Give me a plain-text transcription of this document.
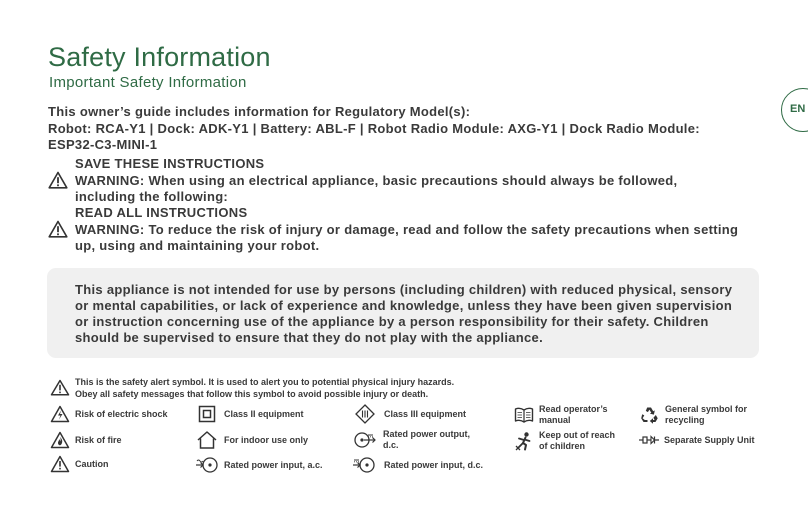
Safety Information
Important Safety Information
EN
This owner’s guide includes information for Regulatory Model(s):
Robot: RCA-Y1 | Dock: ADK-Y1 | Battery: ABL-F | Robot Radio Module: AXG-Y1 | Dock Radio Module:
ESP32-C3-MINI-1
SAVE THESE INSTRUCTIONS
WARNING: When using an electrical appliance, basic precautions should always be followed,
including the following:
READ ALL INSTRUCTIONS
WARNING: To reduce the risk of injury or damage, read and follow the safety precautions when setting
up, using and maintaining your robot.
This appliance is not intended for use by persons (including children) with reduced physical, sensory
or mental capabilities, or lack of experience and knowledge, unless they have been given supervision
or instruction concerning use of the appliance by a person responsibility for their safety. Children
should be supervised to ensure that they do not play with the appliance.
This is the safety alert symbol. It is used to alert you to potential physical injury hazards.
Obey all safety messages that follow this symbol to avoid possible injury or death.
Risk of electric shock
Risk of fire
Caution
Class II equipment
For indoor use only
Rated power input, a.c.
Class III equipment
Rated power output,
d.c.
Rated power input, d.c.
Read operator’s
manual
Keep out of reach
of children
General symbol for
recycling
Separate Supply Unit
